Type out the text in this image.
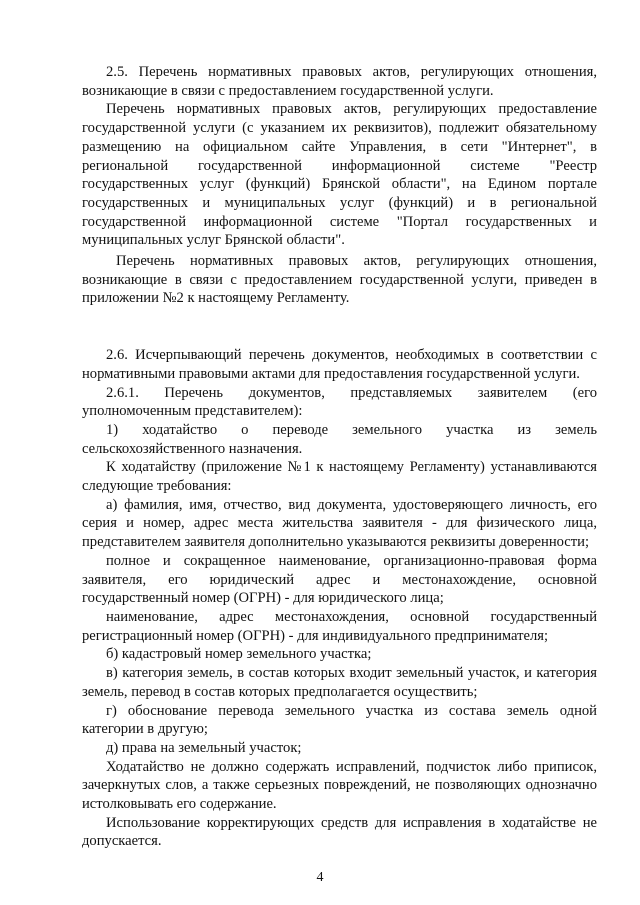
2.5. Перечень нормативных правовых актов, регулирующих отношения, возникающие в связи с предоставлением государственной услуги.

Перечень нормативных правовых актов, регулирующих предоставление государственной услуги (с указанием их реквизитов), подлежит обязательному размещению на официальном сайте Управления, в сети "Интернет", в региональной государственной информационной системе "Реестр государственных услуг (функций) Брянской области", на Едином портале государственных и муниципальных услуг (функций) и в региональной государственной информационной системе "Портал государственных и муниципальных услуг Брянской области".

Перечень нормативных правовых актов, регулирующих отношения, возникающие в связи с предоставлением государственной услуги, приведен в приложении №2 к настоящему Регламенту.

2.6. Исчерпывающий перечень документов, необходимых в соответствии с нормативными правовыми актами для предоставления государственной услуги.

2.6.1. Перечень документов, представляемых заявителем (его уполномоченным представителем):

1) ходатайство о переводе земельного участка из земель сельскохозяйственного назначения.

К ходатайству (приложение №1 к настоящему Регламенту) устанавливаются следующие требования:

а) фамилия, имя, отчество, вид документа, удостоверяющего личность, его серия и номер, адрес места жительства заявителя - для физического лица, представителем заявителя дополнительно указываются реквизиты доверенности;

полное и сокращенное наименование, организационно-правовая форма заявителя, его юридический адрес и местонахождение, основной государственный номер (ОГРН) - для юридического лица;

наименование, адрес местонахождения, основной государственный регистрационный номер (ОГРН) - для индивидуального предпринимателя;

б) кадастровый номер земельного участка;

в) категория земель, в состав которых входит земельный участок, и категория земель, перевод в состав которых предполагается осуществить;

г) обоснование перевода земельного участка из состава земель одной категории в другую;

д) права на земельный участок;

Ходатайство не должно содержать исправлений, подчисток либо приписок, зачеркнутых слов, а также серьезных повреждений, не позволяющих однозначно истолковывать его содержание.

Использование корректирующих средств для исправления в ходатайстве не допускается.

4
